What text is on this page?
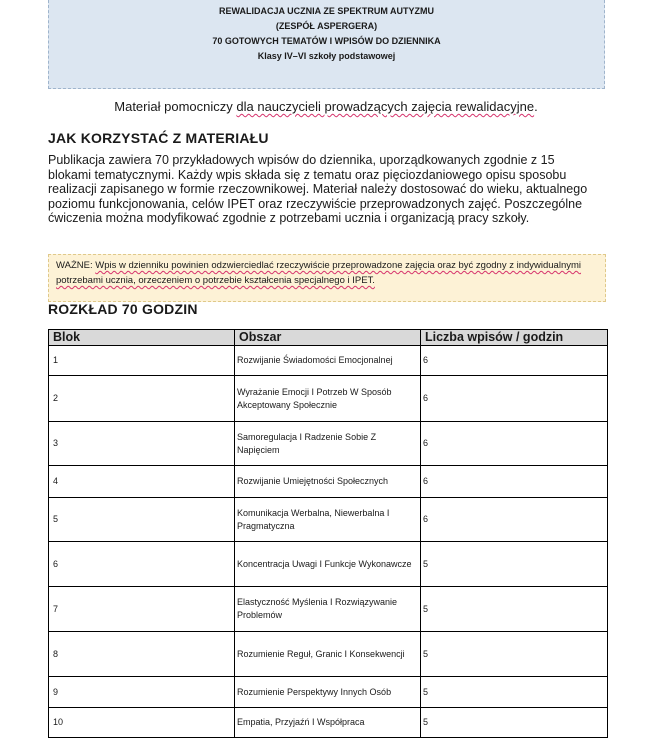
REWALIDACJA UCZNIA ZE SPEKTRUM AUTYZMU
(ZESPÓŁ ASPERGERA)
70 GOTOWYCH TEMATÓW I WPISÓW DO DZIENNIKA
Klasy IV–VI szkoły podstawowej
Materiał pomocniczy dla nauczycieli prowadzących zajęcia rewalidacyjne.
JAK KORZYSTAĆ Z MATERIAŁU
Publikacja zawiera 70 przykładowych wpisów do dziennika, uporządkowanych zgodnie z 15 blokami tematycznymi. Każdy wpis składa się z tematu oraz pięciozdaniowego opisu sposobu realizacji zapisanego w formie rzeczownikowej. Materiał należy dostosować do wieku, aktualnego poziomu funkcjonowania, celów IPET oraz rzeczywiście przeprowadzonych zajęć. Poszczególne ćwiczenia można modyfikować zgodnie z potrzebami ucznia i organizacją pracy szkoły.
WAŻNE: Wpis w dzienniku powinien odzwierciedlać rzeczywiście przeprowadzone zajęcia oraz być zgodny z indywidualnymi potrzebami ucznia, orzeczeniem o potrzebie kształcenia specjalnego i IPET.
ROZKŁAD 70 GODZIN
Blok	Obszar	Liczba wpisów / godzin
1	Rozwijanie Świadomości Emocjonalnej	6
2	Wyrażanie Emocji I Potrzeb W Sposób Akceptowany Społecznie	6
3	Samoregulacja I Radzenie Sobie Z Napięciem	6
4	Rozwijanie Umiejętności Społecznych	6
5	Komunikacja Werbalna, Niewerbalna I Pragmatyczna	6
6	Koncentracja Uwagi I Funkcje Wykonawcze	5
7	Elastyczność Myślenia I Rozwiązywanie Problemów	5
8	Rozumienie Reguł, Granic I Konsekwencji	5
9	Rozumienie Perspektywy Innych Osób	5
10	Empatia, Przyjaźń I Współpraca	5
